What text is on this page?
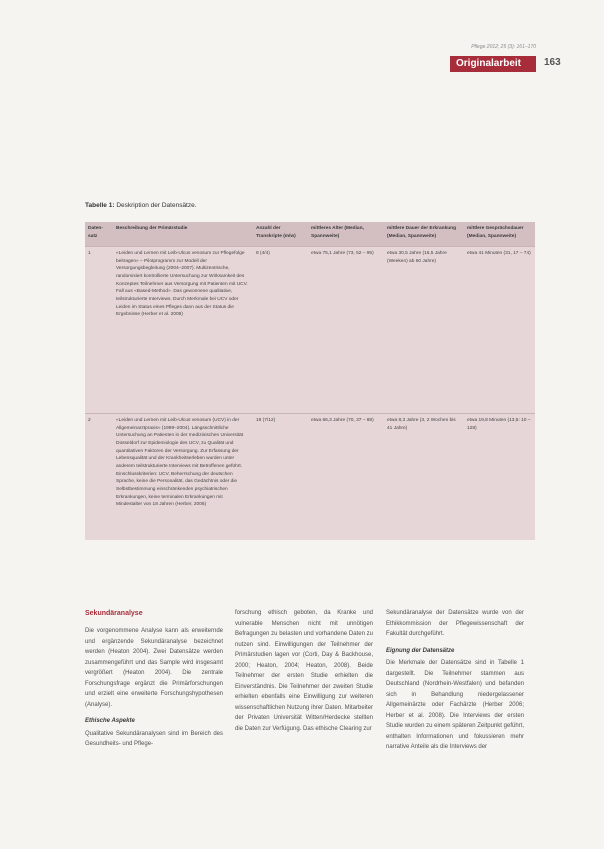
Pflege 2012; 25 (3): 161–170
Originalarbeit	163
Tabelle 1: Deskription der Datensätze.
Daten-satz	Beschreibung der Primärstudie	Anzahl der Transkripte (m/w)	mittleres Alter (Median, Spannweite)	mittlere Dauer der Erkrankung (Median, Spannweite)	mittlere Gesprächsdauer (Median, Spannweite)
1	«Leiden und Lernen mit Leib-Ulcus venosum zur Pflegefolge beitragen» – Pilotprogramm zur Modell der Versorgungsbegleitung (2004–2007). Multizentrische, randomisiert kontrollierte Untersuchung zur Wirksamkeit des Konzeptes Teilnehmer aus Versorgung mit Patienten mit UCV. Fall aus «Based-Method». Das gewonnene qualitative, teilstrukturierte Interviews. Durch Merkmale bei UCV oder Leiden im Status eines Pfleges dann aus der Status die Ergebnisse (Herber et al. 2008)	8 (4/4)	etwa 75,1 Jahre (73, 52 – 95)	etwa 30,5 Jahre (16,5 Jahre (Weeken) ab 60 Jahre)	etwa 41 Minuten (31, 17 – 74)
2	«Leiden und Lernen mit Leib-Ulcus venosum (UCV) in der Allgemeinarztpraxis» (1999–2004). Längsschnittliche Untersuchung an Patienten in der medizinischen Universität Düsseldorf zur Epidemiologie des UCV, zu Qualität und quantitativen Faktoren der Versorgung. Zur Erfassung der Lebensqualität und der Krankheitserleben wurden unter anderem teilstrukturierte Interviews mit Betroffenen geführt. Einschlusskriterien: UCV, Beherrschung der deutschen Sprache, keine die Personalität, das Gedächtnis oder die Selbstbestimmung einschränkenden psychiatrischen Erkrankungen, keine terminalen Erkrankungen mit Mindestalter von 18 Jahren (Herber, 2006)	19 (7/12)	etwa 66,3 Jahre (70, 37 – 88)	etwa 8,3 Jahre (3, 2 Wochen bis 41 Jahre)	etwa 19,8 Minuten (13,5: 10 – 128)
Sekundäranalyse

Die vorgenommene Analyse kann als erweiternde und ergänzende Sekundäranalyse bezeichnet werden (Heaton 2004). Zwei Datensätze werden zusammengeführt und das Sample wird insgesamt vergrößert (Heaton 2004). Die zentrale Forschungsfrage ergänzt die Primärforschungen und erzielt eine erweiterte Forschungshypothesen (Analyse).

Ethische Aspekte

Qualitative Sekundäranalysen sind im Bereich des Gesundheits- und Pflege-

forschung ethisch geboten, da Kranke und vulnerable Menschen nicht mit unnötigen Befragungen zu belasten und vorhandene Daten zu nutzen sind. Einwilligungen der Teilnehmer der Primärstudien lagen vor (Corti, Day & Backhouse, 2000; Heaton, 2004; Heaton, 2008). Beide Teilnehmer der ersten Studie erhielten die Einverständnis. Die Teilnehmer der zweiten Studie erhielten ebenfalls eine Einwilligung zur weiteren wissenschaftlichen Nutzung ihrer Daten. Mitarbeiter der Privaten Universität Witten/Herdecke stellten die Daten zur Verfügung. Das ethische Clearing zur

Sekundäranalyse der Datensätze wurde von der Ethikkommission der Pflegewissenschaft der Fakultät durchgeführt.

Eignung der Datensätze

Die Merkmale der Datensätze sind in Tabelle 1 dargestellt. Die Teilnehmer stammen aus Deutschland (Nordrhein-Westfalen) und befanden sich in Behandlung niedergelassener Allgemeinärzte oder Fachärzte (Herber 2006; Herber et al. 2008). Die Interviews der ersten Studie wurden zu einem späteren Zeitpunkt geführt, enthalten Informationen und fokussieren mehr narrative Anteile als die Interviews der
